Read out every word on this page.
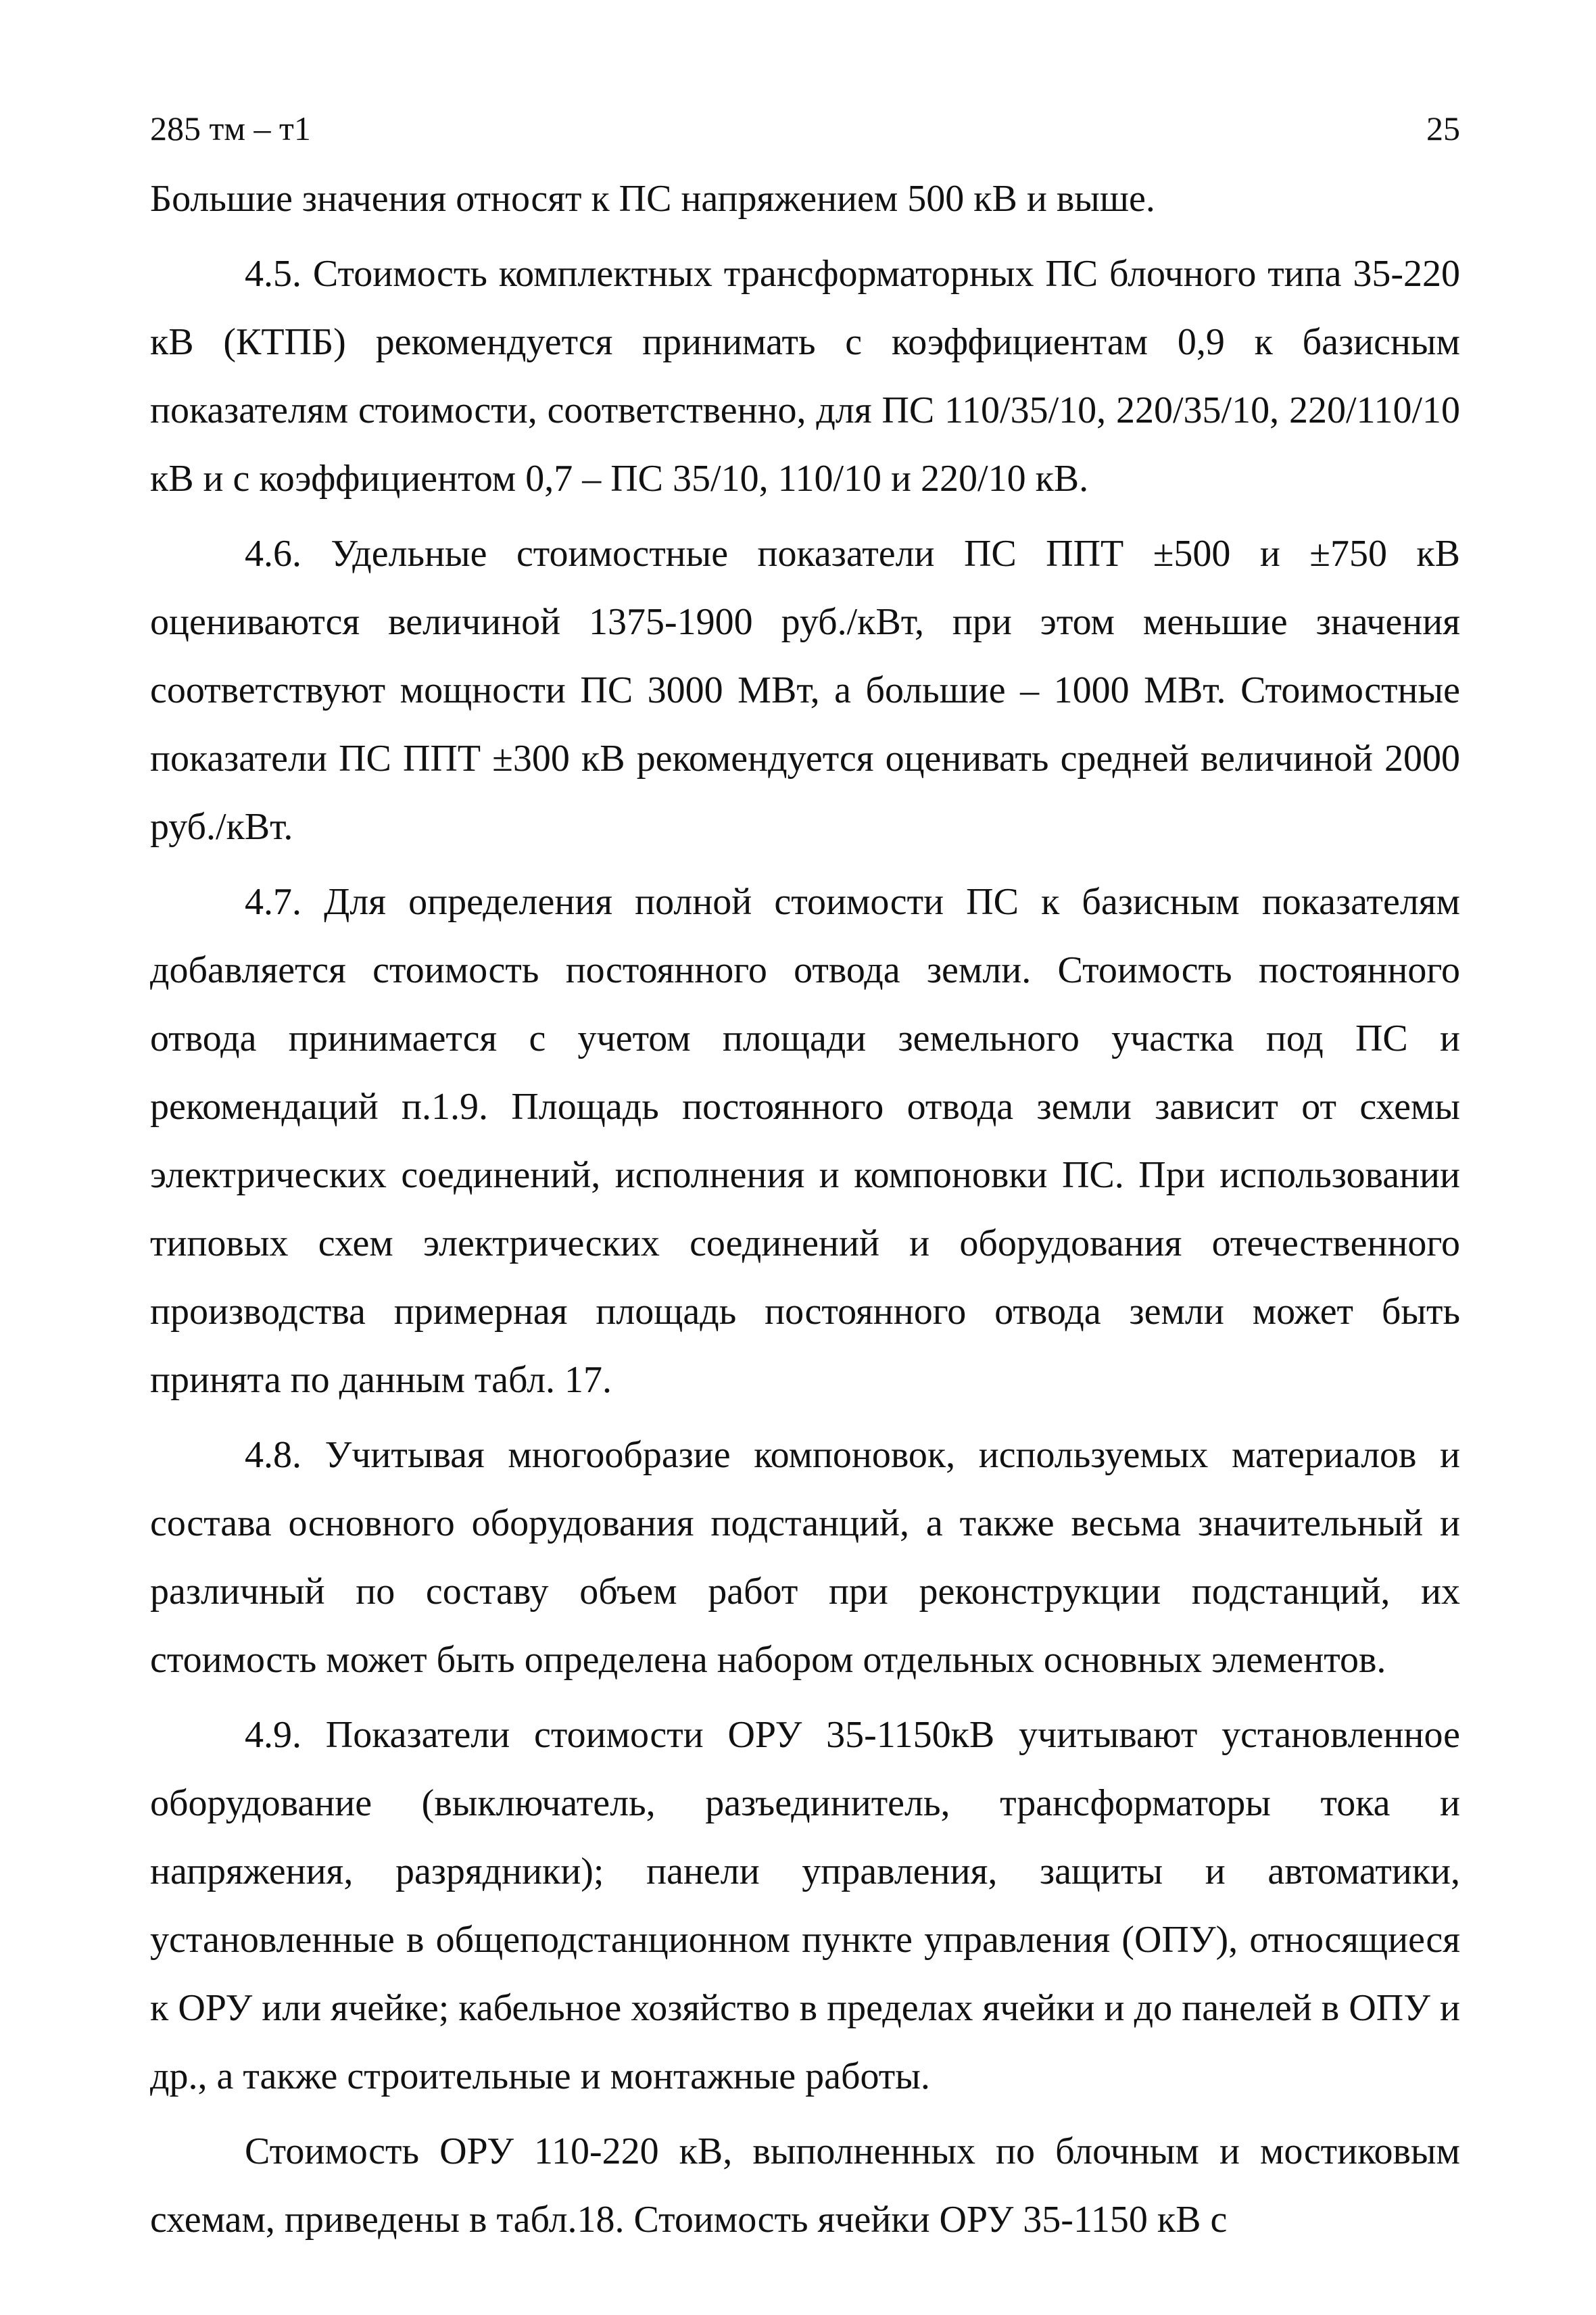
285 тм – т1	25

Большие значения относят к ПС напряжением 500 кВ и выше.

4.5. Стоимость комплектных трансформаторных ПС блочного типа 35-220 кВ (КТПБ) рекомендуется принимать с коэффициентам 0,9 к базисным показателям стоимости, соответственно, для ПС 110/35/10, 220/35/10, 220/110/10 кВ и с коэффициентом 0,7 – ПС 35/10, 110/10 и 220/10 кВ.

4.6. Удельные стоимостные показатели ПС ППТ ±500 и ±750 кВ оцениваются величиной 1375-1900 руб./кВт, при этом меньшие значения соответствуют мощности ПС 3000 МВт, а большие – 1000 МВт. Стоимостные показатели ПС ППТ ±300 кВ рекомендуется оценивать средней величиной 2000 руб./кВт.

4.7. Для определения полной стоимости ПС к базисным показателям добавляется стоимость постоянного отвода земли. Стоимость постоянного отвода принимается с учетом площади земельного участка под ПС и рекомендаций п.1.9. Площадь постоянного отвода земли зависит от схемы электрических соединений, исполнения и компоновки ПС. При использовании типовых схем электрических соединений и оборудования отечественного производства примерная площадь постоянного отвода земли может быть принята по данным табл. 17.

4.8. Учитывая многообразие компоновок, используемых материалов и состава основного оборудования подстанций, а также весьма значительный и различный по составу объем работ при реконструкции подстанций, их стоимость может быть определена набором отдельных основных элементов.

4.9. Показатели стоимости ОРУ 35-1150кВ учитывают установленное оборудование (выключатель, разъединитель, трансформаторы тока и напряжения, разрядники); панели управления, защиты и автоматики, установленные в общеподстанционном пункте управления (ОПУ), относящиеся к ОРУ или ячейке; кабельное хозяйство в пределах ячейки и до панелей в ОПУ и др., а также строительные и монтажные работы.

Стоимость ОРУ 110-220 кВ, выполненных по блочным и мостиковым схемам, приведены в табл.18. Стоимость ячейки ОРУ 35-1150 кВ с
